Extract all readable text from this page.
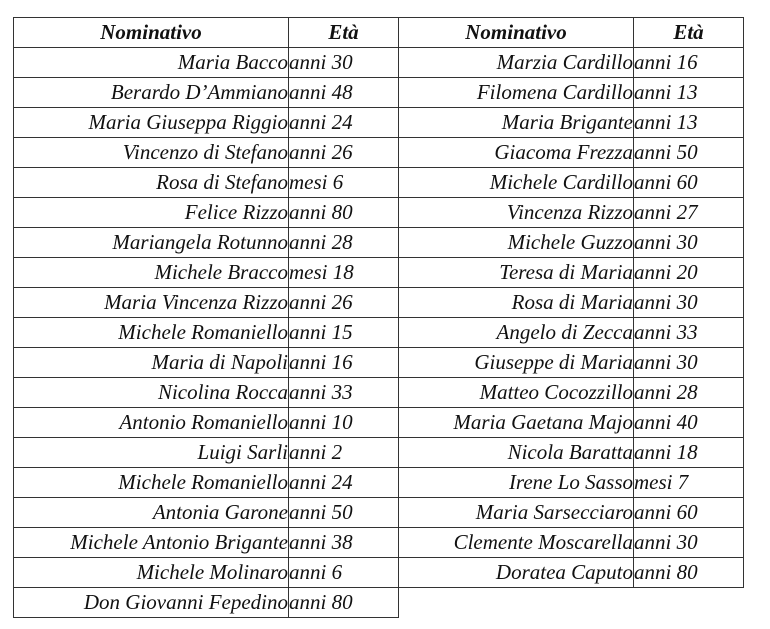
Nominativo	Età	Nominativo	Età
Maria Bacco	anni 30	Marzia Cardillo	anni 16
Berardo D’Ammiano	anni 48	Filomena Cardillo	anni 13
Maria Giuseppa Riggio	anni 24	Maria Brigante	anni 13
Vincenzo di Stefano	anni 26	Giacoma Frezza	anni 50
Rosa di Stefano	mesi 6	Michele Cardillo	anni 60
Felice Rizzo	anni 80	Vincenza Rizzo	anni 27
Mariangela Rotunno	anni 28	Michele Guzzo	anni 30
Michele Bracco	mesi 18	Teresa di Maria	anni 20
Maria Vincenza Rizzo	anni 26	Rosa di Maria	anni 30
Michele Romaniello	anni 15	Angelo di Zecca	anni 33
Maria di Napoli	anni 16	Giuseppe di Maria	anni 30
Nicolina Rocca	anni 33	Matteo Cocozzillo	anni 28
Antonio Romaniello	anni 10	Maria Gaetana Majo	anni 40
Luigi Sarli	anni 2	Nicola Baratta	anni 18
Michele Romaniello	anni 24	Irene Lo Sasso	mesi 7
Antonia Garone	anni 50	Maria Sarsecciaro	anni 60
Michele Antonio Brigante	anni 38	Clemente Moscarella	anni 30
Michele Molinaro	anni 6	Doratea Caputo	anni 80
Don Giovanni Fepedino	anni 80		
